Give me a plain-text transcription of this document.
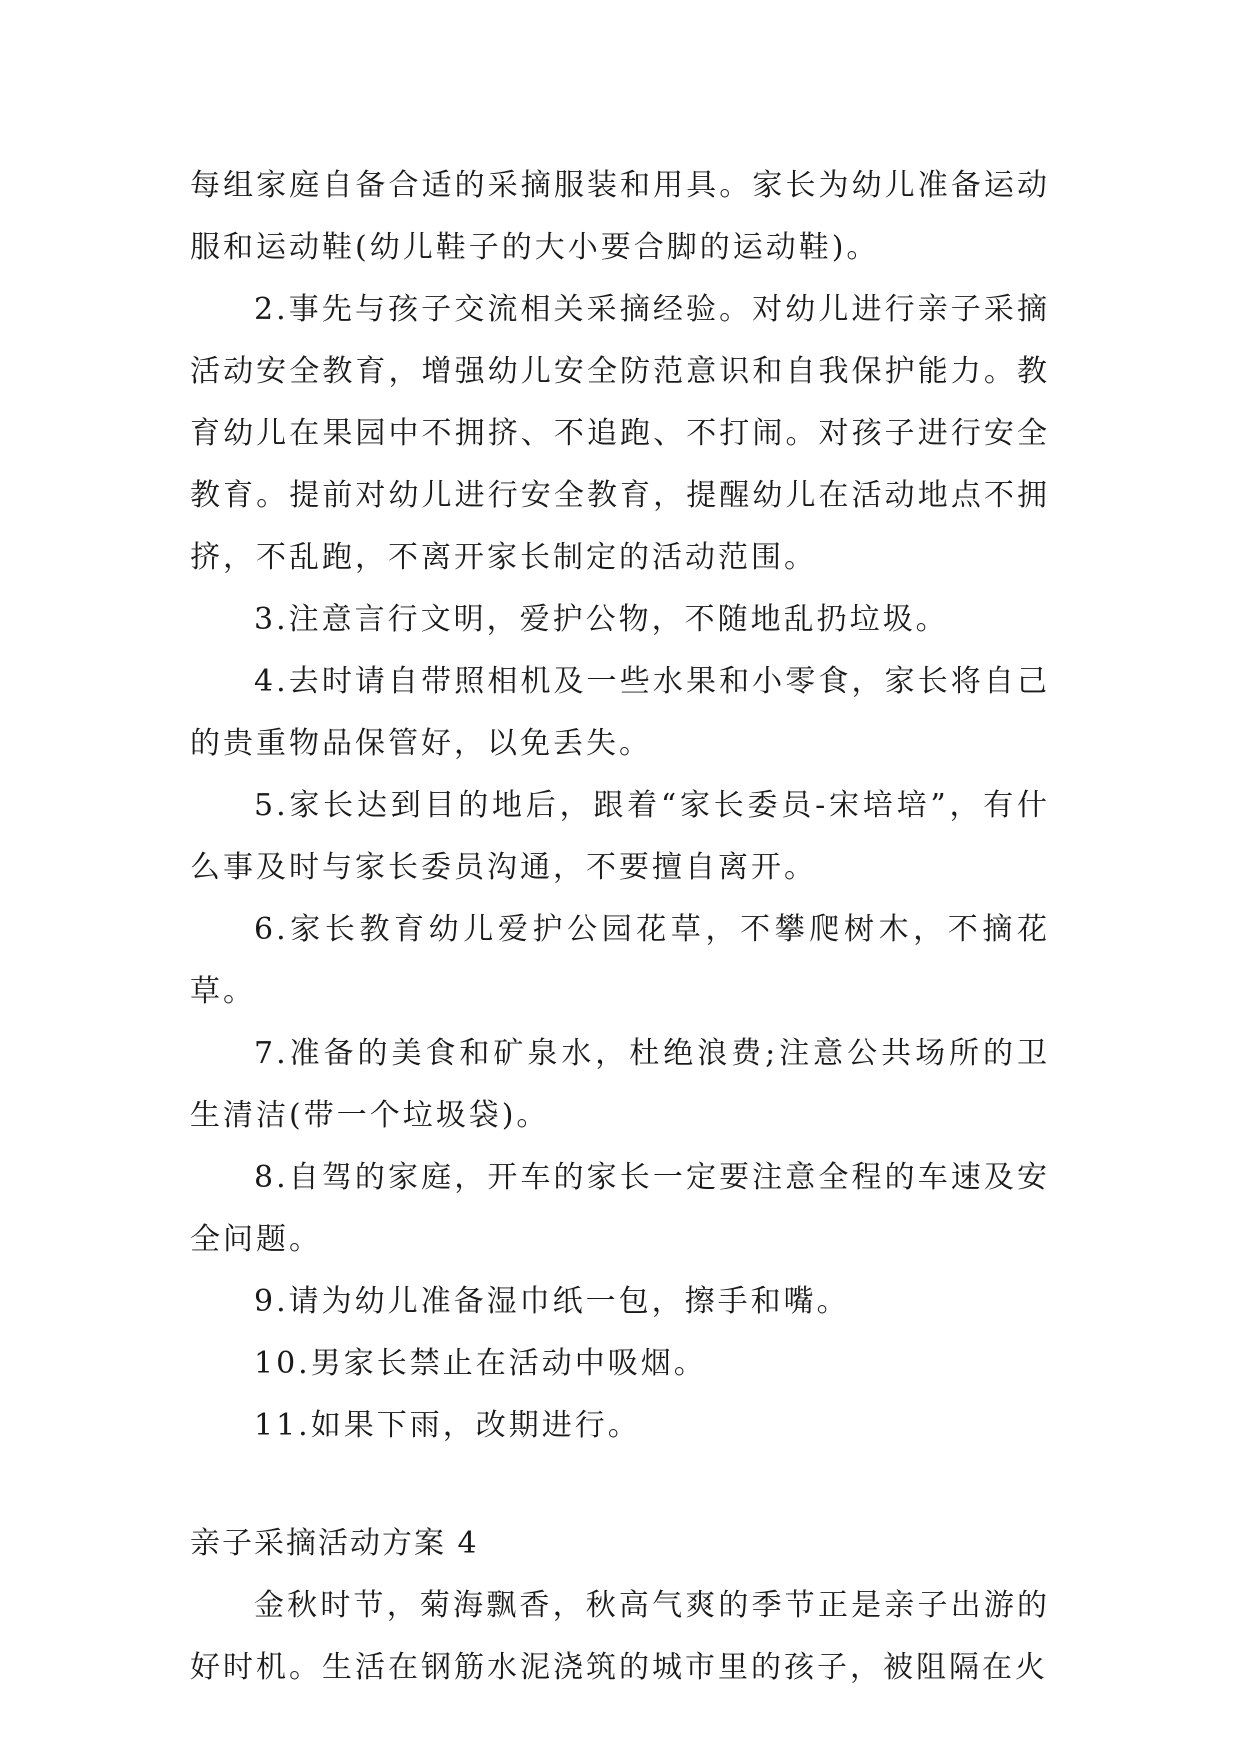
每组家庭自备合适的采摘服装和用具。家长为幼儿准备运动服和运动鞋(幼儿鞋子的大小要合脚的运动鞋)。

2.事先与孩子交流相关采摘经验。对幼儿进行亲子采摘活动安全教育，增强幼儿安全防范意识和自我保护能力。教育幼儿在果园中不拥挤、不追跑、不打闹。对孩子进行安全教育。提前对幼儿进行安全教育，提醒幼儿在活动地点不拥挤，不乱跑，不离开家长制定的活动范围。

3.注意言行文明，爱护公物，不随地乱扔垃圾。

4.去时请自带照相机及一些水果和小零食，家长将自己的贵重物品保管好，以免丢失。

5.家长达到目的地后，跟着“家长委员-宋培培”，有什么事及时与家长委员沟通，不要擅自离开。

6.家长教育幼儿爱护公园花草，不攀爬树木，不摘花草。

7.准备的美食和矿泉水，杜绝浪费;注意公共场所的卫生清洁(带一个垃圾袋)。

8.自驾的家庭，开车的家长一定要注意全程的车速及安全问题。

9.请为幼儿准备湿巾纸一包，擦手和嘴。

10.男家长禁止在活动中吸烟。

11.如果下雨，改期进行。

亲子采摘活动方案 4

金秋时节，菊海飘香，秋高气爽的季节正是亲子出游的好时机。生活在钢筋水泥浇筑的城市里的孩子，被阻隔在火
